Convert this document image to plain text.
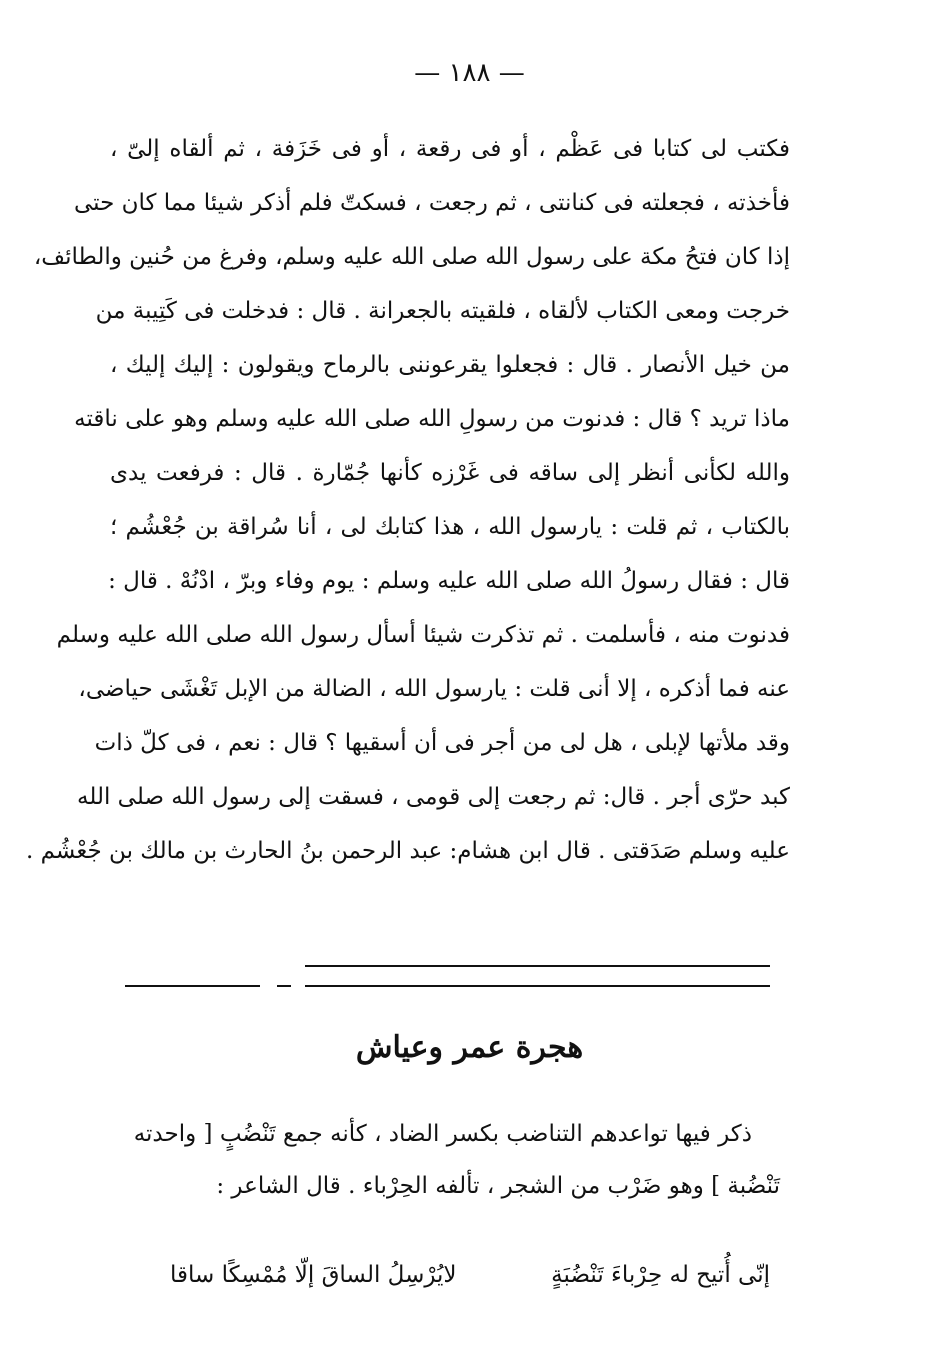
— ١٨٨ —
فكتب لى كتابا فى عَظْم ، أو فى رقعة ، أو فى خَزَفة ، ثم ألقاه إلىّ ،
فأخذته ، فجعلته فى كنانتى ، ثم رجعت ، فسكتّ فلم أذكر شيئا مما كان حتى
إذا كان فتحُ مكة على رسول الله صلى الله عليه وسلم، وفرغ من حُنين والطائف،
خرجت ومعى الكتاب لألقاه ، فلقيته بالجعرانة . قال : فدخلت فى كَتِيبة من
من خيل الأنصار . قال : فجعلوا يقرعوننى بالرماح ويقولون : إليك إليك ،
ماذا تريد ؟ قال : فدنوت من رسولِ الله صلى الله عليه وسلم وهو على ناقته
والله لكأنى أنظر إلى ساقه فى غَرْزه كأنها جُمّارة . قال : فرفعت يدى
بالكتاب ، ثم قلت : يارسول الله ، هذا كتابك لى ، أنا سُراقة بن جُعْشُم ؛
قال : فقال رسولُ الله صلى الله عليه وسلم : يوم وفاء وبرّ ، ادْنُهْ . قال :
فدنوت منه ، فأسلمت . ثم تذكرت شيئا أسأل رسول الله صلى الله عليه وسلم
عنه فما أذكره ، إلا أنى قلت : يارسول الله ، الضالة من الإبل تَغْشَى حياضى،
وقد ملأتها لإبلى ، هل لى من أجر فى أن أسقيها ؟ قال : نعم ، فى كلّ ذات
كبد حرّى أجر . قال: ثم رجعت إلى قومى ، فسقت إلى رسول الله صلى الله
عليه وسلم صَدَقتى . قال ابن هشام: عبد الرحمن بنُ الحارث بن مالك بن جُعْشُم .
هجرة عمر وعياش
ذكر فيها تواعدهم التناضب بكسر الضاد ، كأنه جمع تَنْضُبٍ [ واحدته
تَنْضُبة ] وهو ضَرْب من الشجر ، تألفه الحِرْباء . قال الشاعر :
إنّى أُتيح له حِرْباءَ تَنْضُبَةٍ
لايُرْسِلُ الساقَ إلّا مُمْسِكًا ساقا
